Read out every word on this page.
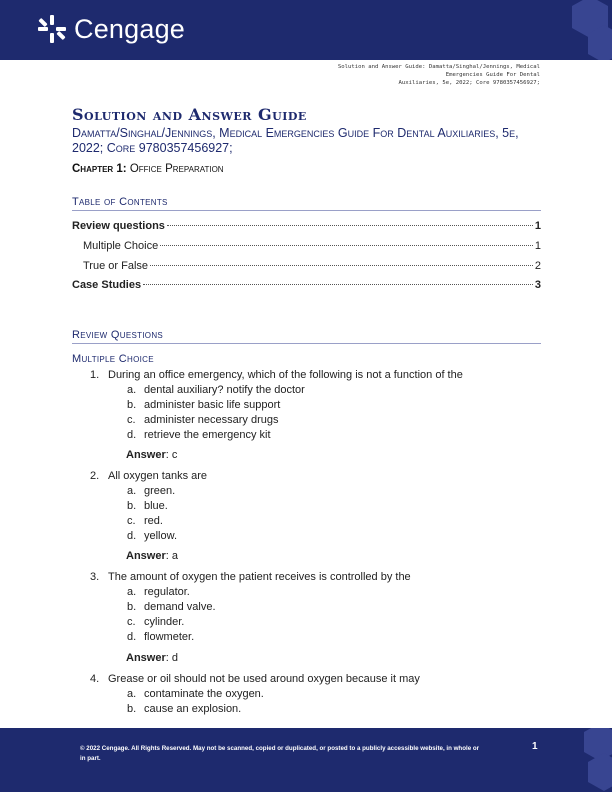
Cengage
Solution and Answer Guide: Damatta/Singhal/Jennings, Medical Emergencies Guide For Dental
Auxiliaries, 5e, 2022; Core 9780357456927;
Solution and Answer Guide
Damatta/Singhal/Jennings, Medical Emergencies Guide For Dental Auxiliaries, 5e, 2022; Core 9780357456927;
Chapter 1: Office Preparation
Table of Contents
Review questions	1
Multiple Choice	1
True or False	2
Case Studies	3
Review Questions
Multiple Choice
1. During an office emergency, which of the following is not a function of the
a. dental auxiliary? notify the doctor
b. administer basic life support
c. administer necessary drugs
d. retrieve the emergency kit
Answer: c
2. All oxygen tanks are
a. green.
b. blue.
c. red.
d. yellow.
Answer: a
3. The amount of oxygen the patient receives is controlled by the
a. regulator.
b. demand valve.
c. cylinder.
d. flowmeter.
Answer: d
4. Grease or oil should not be used around oxygen because it may
a. contaminate the oxygen.
b. cause an explosion.
© 2022 Cengage. All Rights Reserved. May not be scanned, copied or duplicated, or posted to a publicly accessible website, in whole or in part.
1
